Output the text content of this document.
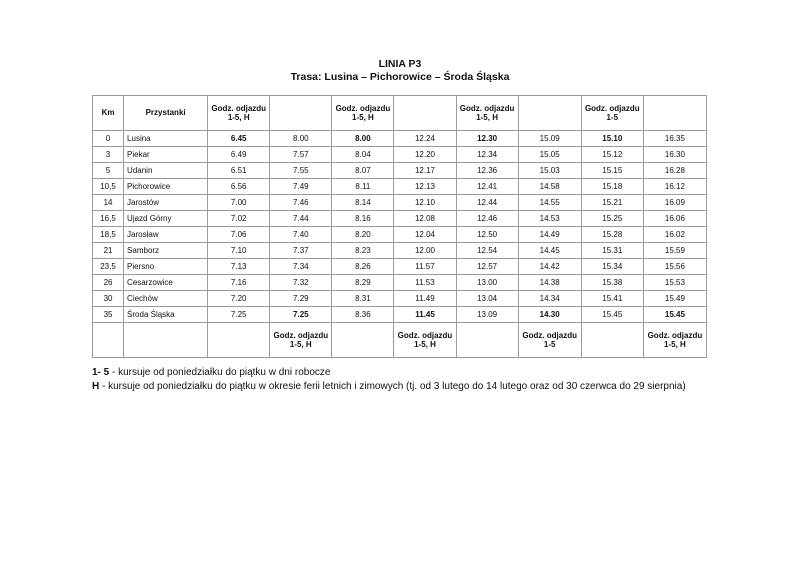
LINIA P3
Trasa: Lusina – Pichorowice – Środa Śląska
Km	Przystanki	Godz. odjazdu 1-5, H		Godz. odjazdu 1-5, H		Godz. odjazdu 1-5, H		Godz. odjazdu 1-5	
0	Lusina	6.45	8.00	8.00	12.24	12.30	15.09	15.10	16.35
3	Piekar	6.49	7.57	8.04	12.20	12.34	15.05	15.12	16.30
5	Udanin	6.51	7.55	8.07	12.17	12.36	15.03	15.15	16.28
10,5	Pichorowice	6.56	7.49	8.11	12.13	12.41	14.58	15.18	16.12
14	Jarostów	7.00	7.46	8.14	12.10	12.44	14.55	15.21	16.09
16,5	Ujazd Górny	7.02	7.44	8.16	12.08	12.46	14.53	15.25	16.06
18,5	Jarosław	7.06	7.40	8.20	12.04	12.50	14.49	15.28	16.02
21	Samborz	7.10	7.37	8.23	12.00	12.54	14.45	15.31	15.59
23,5	Piersno	7.13	7.34	8.26	11.57	12.57	14.42	15.34	15.56
26	Cesarzowice	7.16	7.32	8.29	11.53	13.00	14.38	15.38	15.53
30	Ciechów	7.20	7.29	8.31	11.49	13.04	14.34	15.41	15.49
35	Środa Śląska	7.25	7.25	8.36	11.45	13.09	14.30	15.45	15.45
			Godz. odjazdu 1-5, H		Godz. odjazdu 1-5, H		Godz. odjazdu 1-5		Godz. odjazdu 1-5, H
1- 5 - kursuje od poniedziałku do piątku w dni robocze
H - kursuje od poniedziałku do piątku w okresie ferii letnich i zimowych (tj. od 3 lutego do 14 lutego oraz od 30 czerwca do 29 sierpnia)
